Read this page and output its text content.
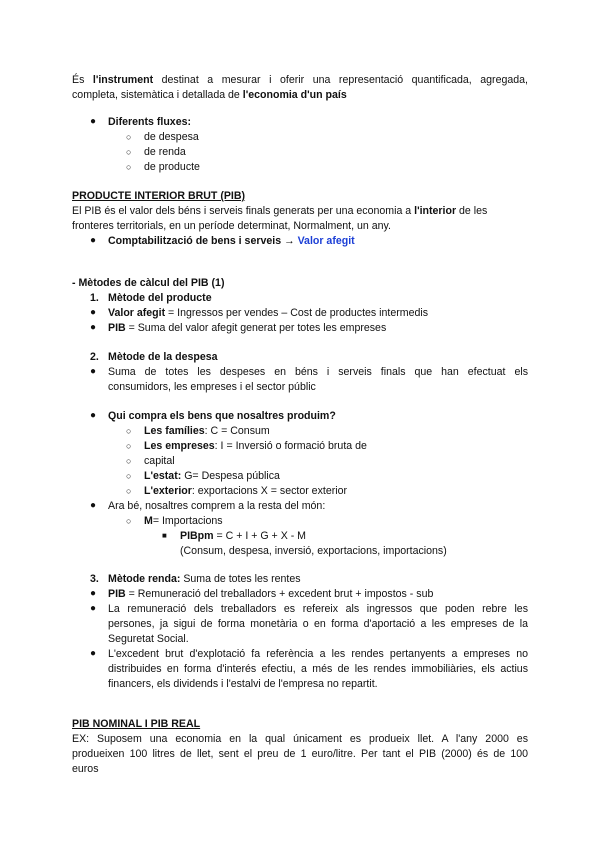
És l'instrument destinat a mesurar i oferir una representació quantificada, agregada,
completa, sistemàtica i detallada de l'economia d'un país
● Diferents fluxes:
○ de despesa
○ de renda
○ de producte
PRODUCTE INTERIOR BRUT (PIB)
El PIB és el valor dels béns i serveis finals generats per una economia a l'interior de les
fronteres territorials, en un període determinat, Normalment, un any.
● Comptabilització de bens i serveis → Valor afegit
- Mètodes de càlcul del PIB (1)
1. Mètode del producte
● Valor afegit = Ingressos per vendes – Cost de productes intermedis
● PIB = Suma del valor afegit generat per totes les empreses
2. Mètode de la despesa
● Suma de totes les despeses en béns i serveis finals que han efectuat els
consumidors, les empreses i el sector públic
● Qui compra els bens que nosaltres produim?
○ Les famílies: C = Consum
○ Les empreses: I = Inversió o formació bruta de
○ capital
○ L'estat: G= Despesa pública
○ L'exterior: exportacions X = sector exterior
● Ara bé, nosaltres comprem a la resta del món:
○ M= Importacions
■ PIBpm = C + I + G + X - M
(Consum, despesa, inversió, exportacions, importacions)
3. Mètode renda: Suma de totes les rentes
● PIB = Remuneració del treballadors + excedent brut + impostos - sub
● La remuneració dels treballadors es refereix als ingressos que poden rebre les
persones, ja sigui de forma monetària o en forma d'aportació a les empreses de la
Seguretat Social.
● L'excedent brut d'explotació fa referència a les rendes pertanyents a empreses no
distribuides en forma d'interés efectiu, a més de les rendes immobiliàries, els actius
financers, els dividends i l'estalvi de l'empresa no repartit.
PIB NOMINAL I PIB REAL
EX: Suposem una economia en la qual únicament es produeix llet. A l'any 2000 es
produeixen 100 litres de llet, sent el preu de 1 euro/litre. Per tant el PIB (2000) és de 100
euros
